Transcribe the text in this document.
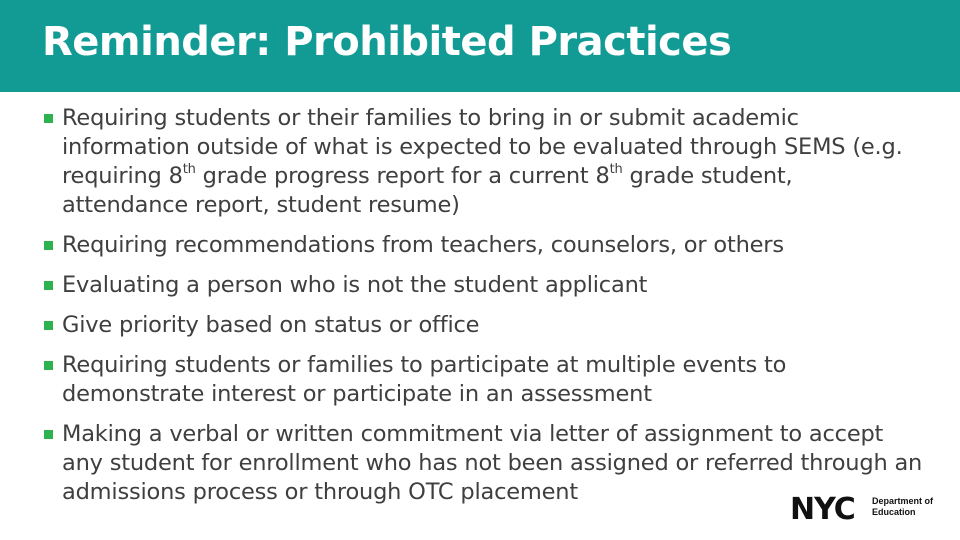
Reminder: Prohibited Practices
Requiring students or their families to bring in or submit academic information outside of what is expected to be evaluated through SEMS (e.g. requiring 8th grade progress report for a current 8th grade student, attendance report, student resume)
Requiring recommendations from teachers, counselors, or others
Evaluating a person who is not the student applicant
Give priority based on status or office
Requiring students or families to participate at multiple events to demonstrate interest or participate in an assessment
Making a verbal or written commitment via letter of assignment to accept any student for enrollment who has not been assigned or referred through an admissions process or through OTC placement	NYC Department of
Education
